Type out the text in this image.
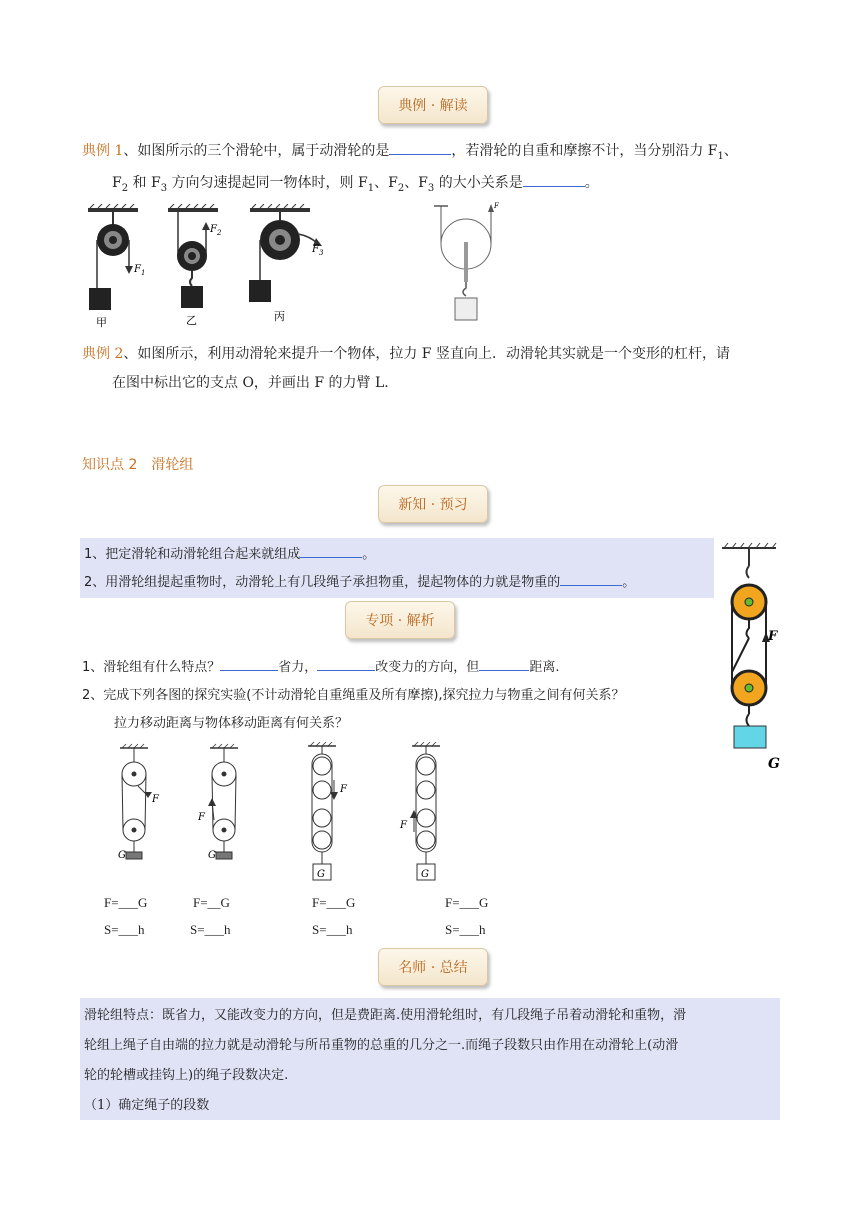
典例 · 解读
典例 1、如图所示的三个滑轮中，属于动滑轮的是	，若滑轮的自重和摩擦不计，当分别沿力 $F_1$、
$F_2$ 和 $F_3$ 方向匀速提起同一物体时，则 $F_1$、$F_2$、$F_3$ 的大小关系是	。
$F_1$
甲
$F_2$
乙
$F_3$
丙
F
典例 2、如图所示，利用动滑轮来提升一个物体，拉力 F 竖直向上．动滑轮其实就是一个变形的杠杆，请
在图中标出它的支点 O，并画出 F 的力臂 L.
知识点 2　滑轮组
新知 · 预习
1、把定滑轮和动滑轮组合起来就组成	。
2、用滑轮组提起重物时，动滑轮上有几段绳子承担物重，提起物体的力就是物重的	。
F
G
专项 · 解析
1、滑轮组有什么特点？	省力，	改变力的方向，但	距离.
2、完成下列各图的探究实验(不计动滑轮自重绳重及所有摩擦),探究拉力与物重之间有何关系？
拉力移动距离与物体移动距离有何关系？
F
G
F
G
F
G
F
G
F=___G	F=__G	F=___G	F=___G
S=___h	S=___h	S=___h	S=___h
名师 · 总结
滑轮组特点：既省力，又能改变力的方向，但是费距离.使用滑轮组时，有几段绳子吊着动滑轮和重物，滑
轮组上绳子自由端的拉力就是动滑轮与所吊重物的总重的几分之一.而绳子段数只由作用在动滑轮上(动滑
轮的轮槽或挂钩上)的绳子段数决定.
（1）确定绳子的段数
